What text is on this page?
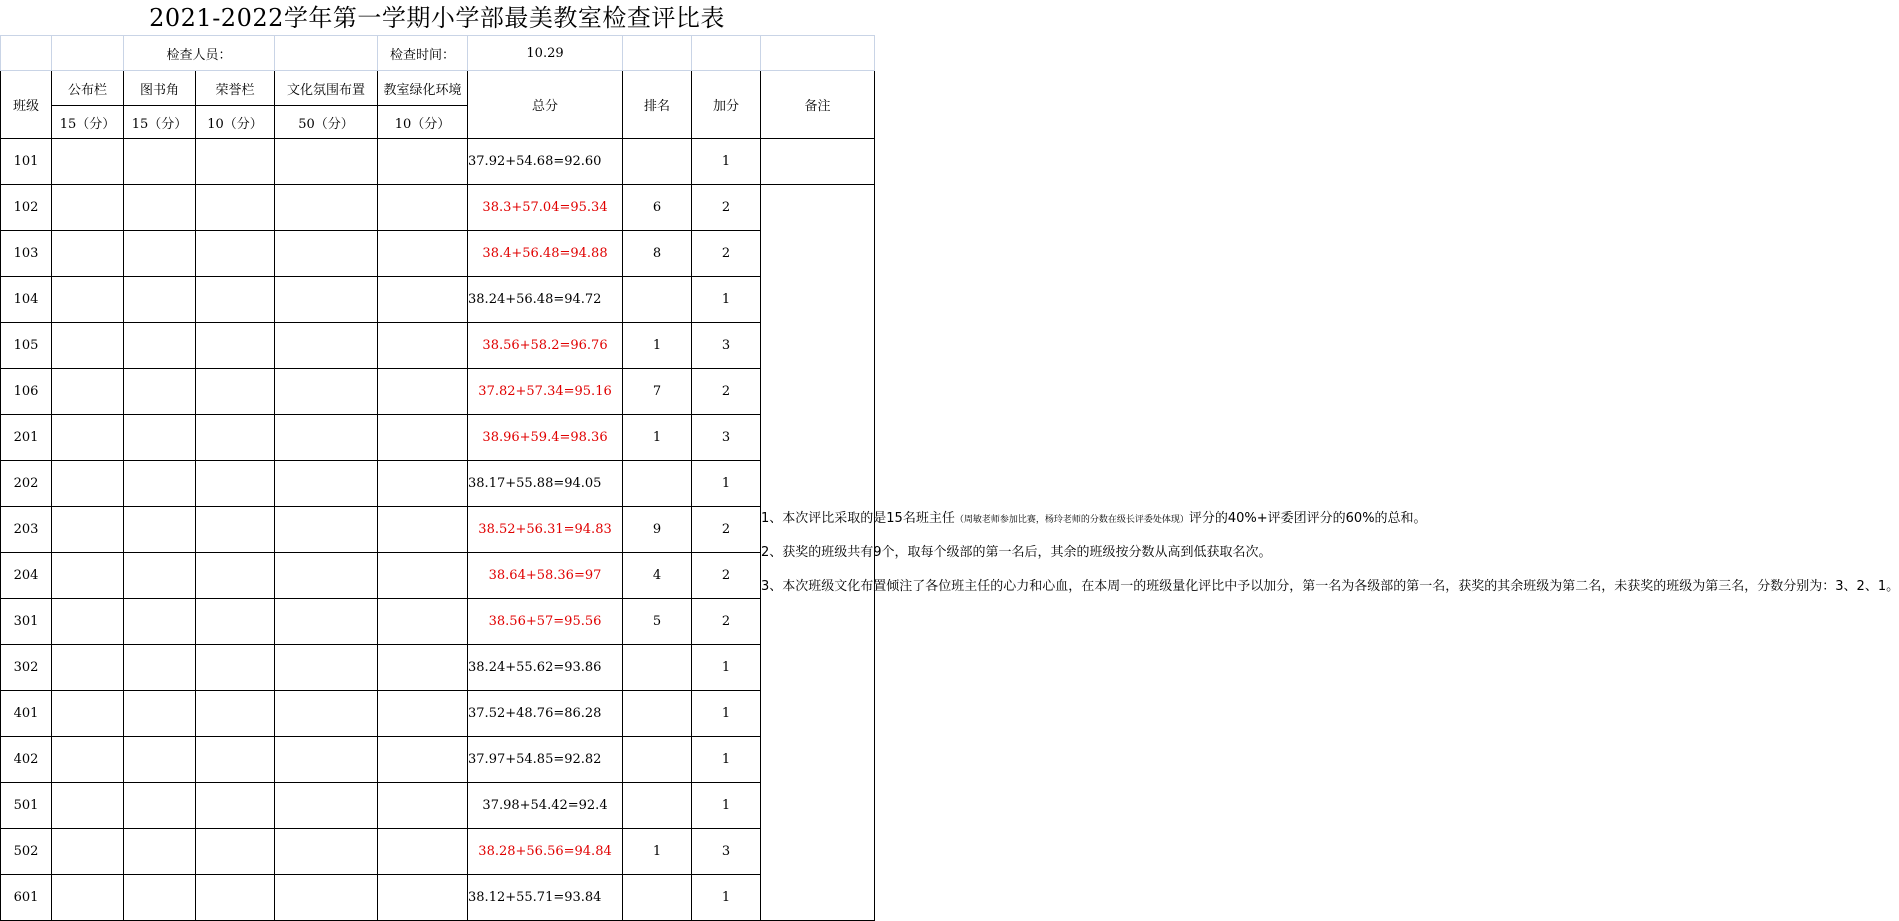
2021-2022学年第一学期小学部最美教室检查评比表
		检查人员：			检查时间：	10.29			
班级	公布栏	图书角	荣誉栏	文化氛围布置	教室绿化环境	总分	排名	加分	备注
	15（分）	15（分）	10（分）	50（分）	10（分）				
101						37.92+54.68=92.60		1	
102						38.3+57.04=95.34	6	2	1、本次评比采取的是15名班主任（周敏老师参加比赛，杨玲老师的分数在级长评委处体现）评分的40%+评委团评分的60%的总和。

2、获奖的班级共有9个，取每个级部的第一名后，其余的班级按分数从高到低获取名次。

3、本次班级文化布置倾注了各位班主任的心力和心血，在本周一的班级量化评比中予以加分，第一名为各级部的第一名，获奖的其余班级为第二名，未获奖的班级为第三名，分数分别为：3、2、1。

103						38.4+56.48=94.88	8	2	
104						38.24+56.48=94.72		1	
105						38.56+58.2=96.76	1	3	
106						37.82+57.34=95.16	7	2	
201						38.96+59.4=98.36	1	3	
202						38.17+55.88=94.05		1	
203						38.52+56.31=94.83	9	2	
204						38.64+58.36=97	4	2	
301						38.56+57=95.56	5	2	
302						38.24+55.62=93.86		1	
401						37.52+48.76=86.28		1	
402						37.97+54.85=92.82		1	
501						37.98+54.42=92.4		1	
502						38.28+56.56=94.84	1	3	
601						38.12+55.71=93.84		1	
